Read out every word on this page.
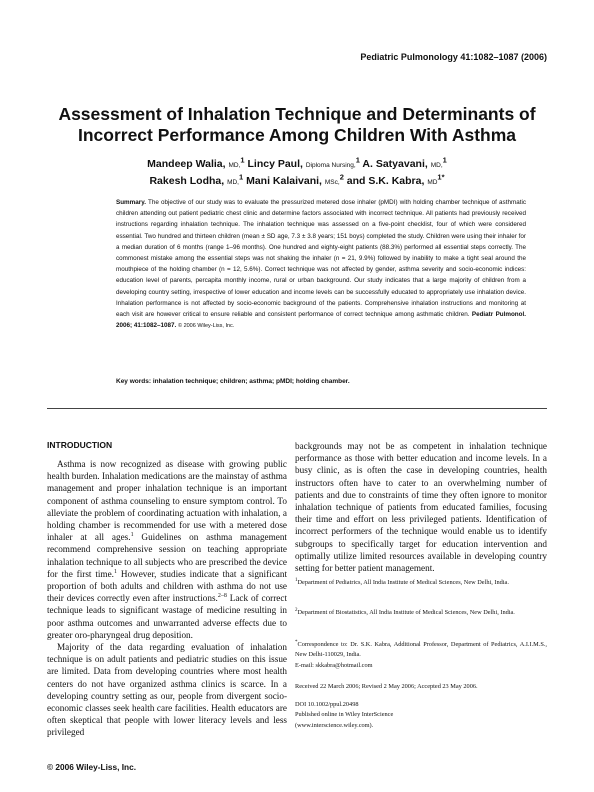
Pediatric Pulmonology 41:1082–1087 (2006)
Assessment of Inhalation Technique and Determinants of
Incorrect Performance Among Children With Asthma
Mandeep Walia, MD,$^1$ Lincy Paul, Diploma Nursing,$^1$ A. Satyavani, MD,$^1$
Rakesh Lodha, MD,$^1$ Mani Kalaivani, MSc,$^2$ and S.K. Kabra, $MD^{1*}$
Summary. The objective of our study was to evaluate the pressurized metered dose inhaler (pMDI) with holding chamber technique of asthmatic children attending out patient pediatric chest clinic and determine factors associated with incorrect technique. All patients had previously received instructions regarding inhalation technique. The inhalation technique was assessed on a five-point checklist, four of which were considered essential. Two hundred and thirteen children (mean ± SD age, 7.3 ± 3.8 years; 151 boys) completed the study. Children were using their inhaler for a median duration of 6 months (range 1–96 months). One hundred and eighty-eight patients (88.3%) performed all essential steps correctly. The commonest mistake among the essential steps was not shaking the inhaler (n = 21, 9.9%) followed by inability to make a tight seal around the mouthpiece of the holding chamber (n = 12, 5.6%). Correct technique was not affected by gender, asthma severity and socio-economic indices: education level of parents, percapita monthly income, rural or urban background. Our study indicates that a large majority of children from a developing country setting, irrespective of lower education and income levels can be successfully educated to appropriately use inhalation device. Inhalation performance is not affected by socio-economic background of the patients. Comprehensive inhalation instructions and monitoring at each visit are however critical to ensure reliable and consistent performance of correct technique among asthmatic children. Pediatr Pulmonol. 2006; 41:1082–1087. © 2006 Wiley-Liss, Inc.
Key words: inhalation technique; children; asthma; pMDI; holding chamber.
INTRODUCTION

Asthma is now recognized as disease with growing public health burden. Inhalation medications are the mainstay of asthma management and proper inhalation technique is an important component of asthma counseling to ensure symptom control. To alleviate the problem of coordinating actuation with inhalation, a holding chamber is recommended for use with a metered dose inhaler at all ages.$^1$ Guidelines on asthma management recommend comprehensive session on teaching appropriate inhalation technique to all subjects who are prescribed the device for the first time.$^1$ However, studies indicate that a significant proportion of both adults and children with asthma do not use their devices correctly even after instructions.$^{2-8}$ Lack of correct technique leads to significant wastage of medicine resulting in poor asthma outcomes and unwarranted adverse effects due to greater oro-pharyngeal drug deposition.

Majority of the data regarding evaluation of inhalation technique is on adult patients and pediatric studies on this issue are limited. Data from developing countries where most health centers do not have organized asthma clinics is scarce. In a developing country setting as our, people from divergent socio-economic classes seek health care facilities. Health educators are often skeptical that people with lower literacy levels and less privileged

backgrounds may not be as competent in inhalation technique performance as those with better education and income levels. In a busy clinic, as is often the case in developing countries, health instructors often have to cater to an overwhelming number of patients and due to constraints of time they often ignore to monitor inhalation technique of patients from educated families, focusing their time and effort on less privileged patients. Identification of incorrect performers of the technique would enable us to identify subgroups to specifically target for education intervention and optimally utilize limited resources available in developing country setting for better patient management.

$^1$Department of Pediatrics, All India Institute of Medical Sciences, New Delhi, India.
$^2$Department of Biostatistics, All India Institute of Medical Sciences, New Delhi, India.
*Correspondence to: Dr. S.K. Kabra, Additional Professor, Department of Pediatrics, A.I.I.M.S., New Delhi-110029, India.
E-mail: skkabra@hotmail.com
Received 22 March 2006; Revised 2 May 2006; Accepted 23 May 2006.
DOI 10.1002/ppul.20498
Published online in Wiley InterScience
(www.interscience.wiley.com).
© 2006 Wiley-Liss, Inc.
